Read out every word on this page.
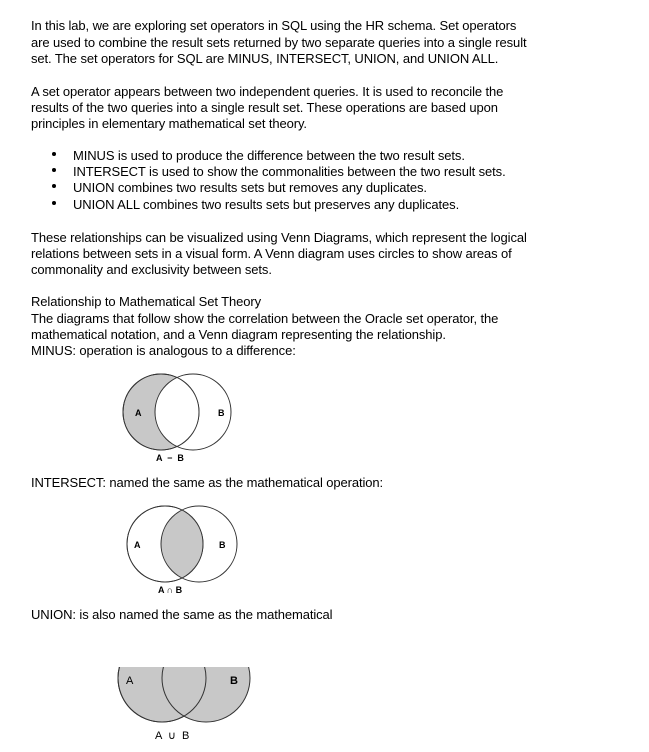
In this lab, we are exploring set operators in SQL using the HR schema. Set operators
are used to combine the result sets returned by two separate queries into a single result
set. The set operators for SQL are MINUS, INTERSECT, UNION, and UNION ALL.
A set operator appears between two independent queries. It is used to reconcile the
results of the two queries into a single result set. These operations are based upon
principles in elementary mathematical set theory.
MINUS is used to produce the difference between the two result sets.
INTERSECT is used to show the commonalities between the two result sets.
UNION combines two results sets but removes any duplicates.
UNION ALL combines two results sets but preserves any duplicates.
These relationships can be visualized using Venn Diagrams, which represent the logical
relations between sets in a visual form. A Venn diagram uses circles to show areas of
commonality and exclusivity between sets.
Relationship to Mathematical Set Theory
The diagrams that follow show the correlation between the Oracle set operator, the
mathematical notation, and a Venn diagram representing the relationship.
MINUS: operation is analogous to a difference:
A	B
A  −  B
INTERSECT: named the same as the mathematical operation:
A	B
A ∩ B
UNION: is also named the same as the mathematical
A	B
A  ∪  B
